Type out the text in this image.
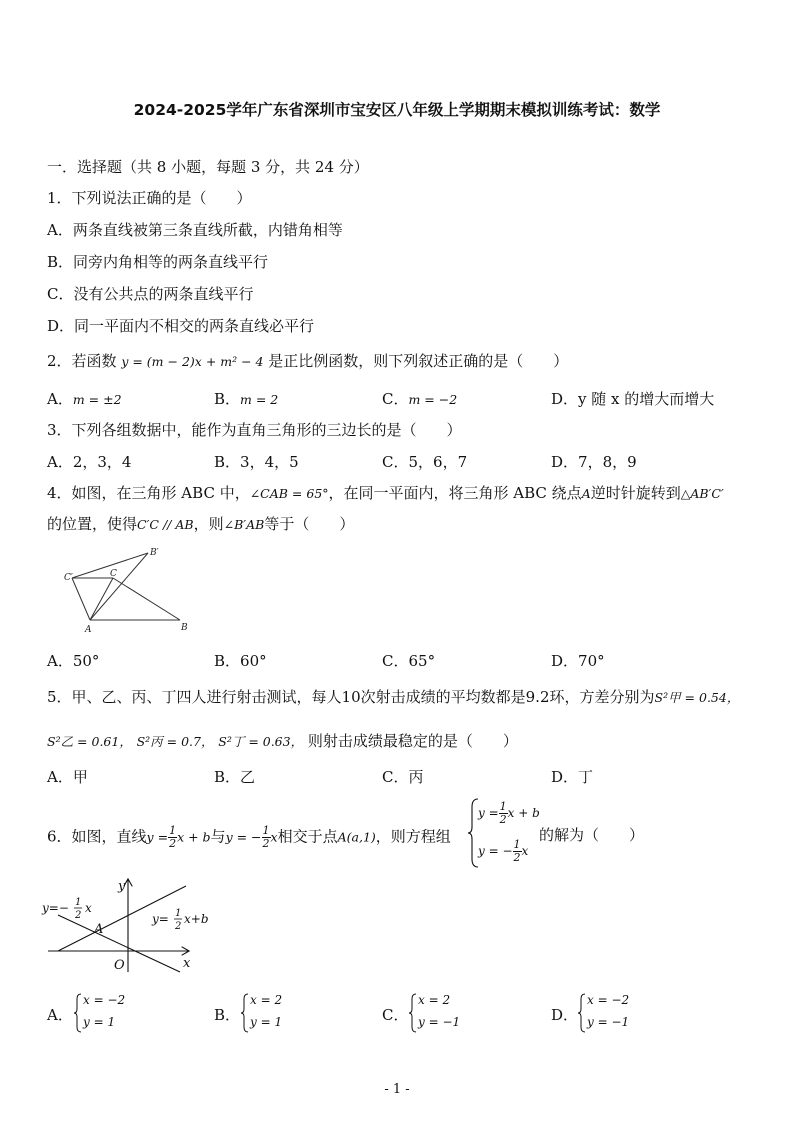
2024-2025学年广东省深圳市宝安区八年级上学期期末模拟训练考试：数学
一．选择题（共 8 小题，每题 3 分，共 24 分）
1．下列说法正确的是（　　）
A．两条直线被第三条直线所截，内错角相等
B．同旁内角相等的两条直线平行
C．没有公共点的两条直线平行
D．同一平面内不相交的两条直线必平行
2．若函数 y = (m − 2)x + m² − 4 是正比例函数，则下列叙述正确的是（　　）
A．m = ±2	B．m = 2	C．m = −2	D．y 随 x 的增大而增大
3．下列各组数据中，能作为直角三角形的三边长的是（　　）
A．2，3，4	B．3，4，5	C．5，6，7	D．7，8，9
4．如图，在三角形 ABC 中，∠CAB = 65°，在同一平面内，将三角形 ABC 绕点A逆时针旋转到△AB′C′
的位置，使得C′C // AB，则∠B′AB等于（　　）
B′
C′	C
A	B
A．50°	B．60°	C．65°	D．70°
5．甲、乙、丙、丁四人进行射击测试，每人10次射击成绩的平均数都是9.2环，方差分别为S²甲 = 0.54，
S²乙 = 0.61， S²丙 = 0.7， S²丁 = 0.63， 则射击成绩最稳定的是（　　）
A．甲	B．乙	C．丙	D．丁
6．如图，直线$y = \frac{1}{2}$ x + b与y = − $\frac{1}{2}$ x相交于点A(a,1)，则方程组
$y = \frac{1}{2}$ x + b
y = − $\frac{1}{2}$ x
的解为（　　）
y
x
O
A
y=− 1
2
x
y= 1
2
x+b
A．
x = −2
y = 1	B．
x = 2
y = 1	C．
x = 2
y = −1	D．
x = −2
y = −1
- 1 -
